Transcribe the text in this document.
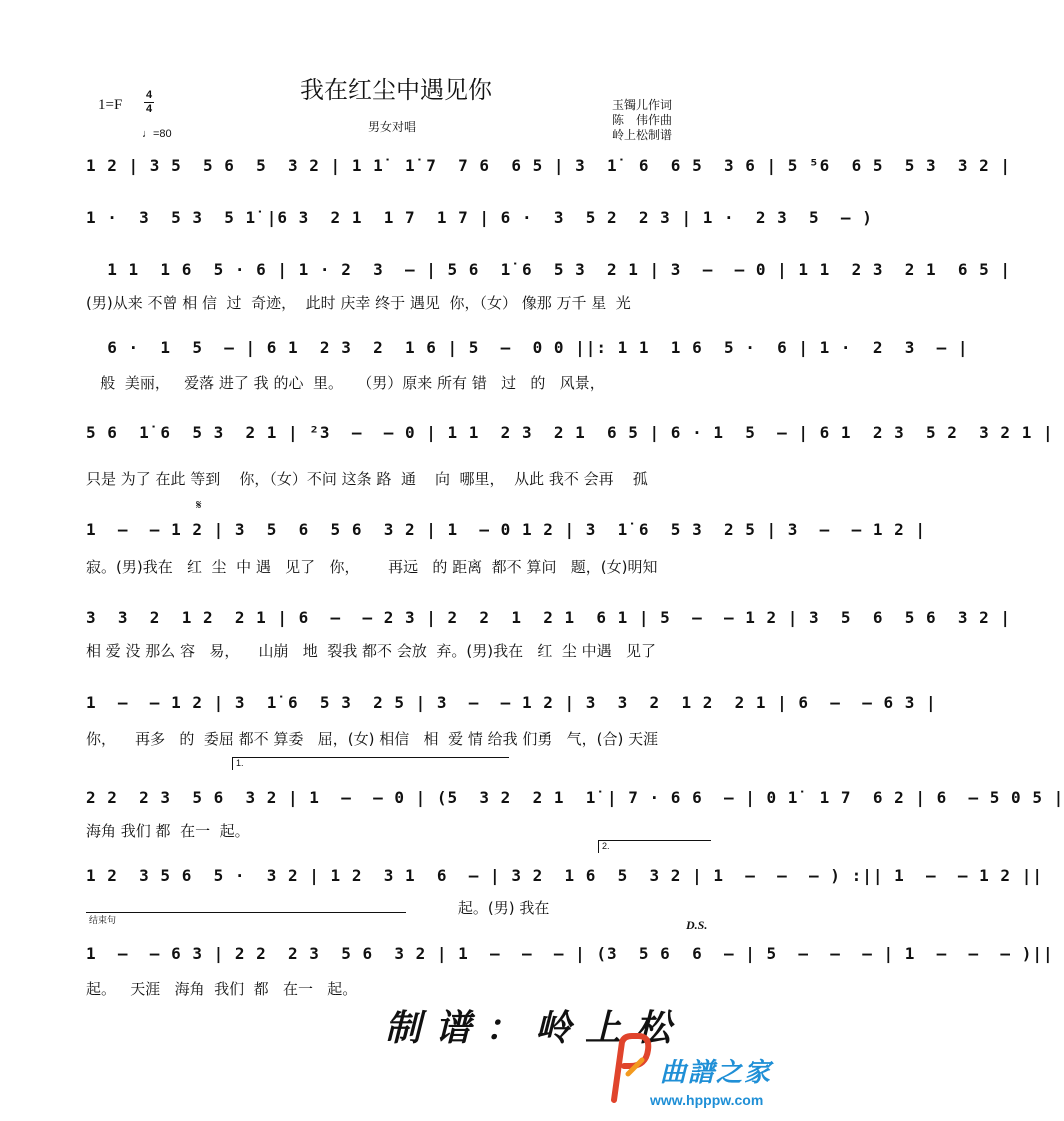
我在红尘中遇见你
1=F
4
4
♩=80	男女对唱
玉镯儿作词
陈　伟作曲
岭上松制谱
1 2 | 3 5  5 6  5  3 2 | 1 1̇  1̇ 7  7 6  6 5 | 3  1̇  6  6 5  3 6 | 5 ⁵6  6 5  5 3  3 2 |
1 ·  3  5 3  5 1̇ |6 3  2 1  1 7  1 7 | 6 ·  3  5 2  2 3 | 1 ·  2 3  5  – )
1 1  1 6  5 · 6 | 1 · 2  3  – | 5 6  1̇ 6  5 3  2 1 | 3  –  – 0 | 1 1  2 3  2 1  6 5 |
(男)从来 不曾 相 信  过  奇迹，  此时 庆幸 终于 遇见  你，（女） 像那 万千 星  光
6 ·  1  5  – | 6 1  2 3  2  1 6 | 5  –  0 0 ||: 1 1  1 6  5 ·  6 | 1 ·  2  3  – |
般  美丽，   爱落 进了 我 的心  里。   （男）原来 所有 错   过   的   风景，
5 6  1̇ 6  5 3  2 1 | ²3  –  – 0 | 1 1  2 3  2 1  6 5 | 6 · 1  5  – | 6 1  2 3  5 2  3 2 1 |
只是 为了 在此 等到    你，（女）不问 这条 路  通    向  哪里，  从此 我不 会再    孤
𝄋
1  –  – 1 2 | 3  5  6  5 6  3 2 | 1  – 0 1 2 | 3  1̇ 6  5 3  2 5 | 3  –  – 1 2 |
寂。(男)我在   红  尘  中 遇   见了   你，      再远   的 距离  都不 算问   题，(女)明知
3  3  2  1 2  2 1 | 6  –  – 2 3 | 2  2  1  2 1  6 1 | 5  –  – 1 2 | 3  5  6  5 6  3 2 |
相 爱 没 那么 容   易，    山崩   地  裂我 都不 会放  弃。(男)我在   红  尘 中遇   见了
1  –  – 1 2 | 3  1̇ 6  5 3  2 5 | 3  –  – 1 2 | 3  3  2  1 2  2 1 | 6  –  – 6 3 |
你，    再多   的  委屈 都不 算委   屈，(女) 相信   相  爱 情 给我 们勇   气，(合) 天涯
1.
2 2  2 3  5 6  3 2 | 1  –  – 0 | (5  3 2  2 1  1̇ | 7 · 6 6  – | 0 1̇  1 7  6 2 | 6  – 5 0 5 |
海角 我们 都  在一  起。
2.
1 2  3 5 6  5 ·  3 2 | 1 2  3 1  6  – | 3 2  1 6  5  3 2 | 1  –  –  – ) :|| 1  –  – 1 2 ||
起。(男) 我在
结束句	D.S.
1  –  – 6 3 | 2 2  2 3  5 6  3 2 | 1  –  –  – | (3  5 6  6  – | 5  –  –  – | 1  –  –  – )||
起。   天涯   海角  我们  都   在一   起。
制谱：岭上松
曲譜之家
www.hpppw.com
